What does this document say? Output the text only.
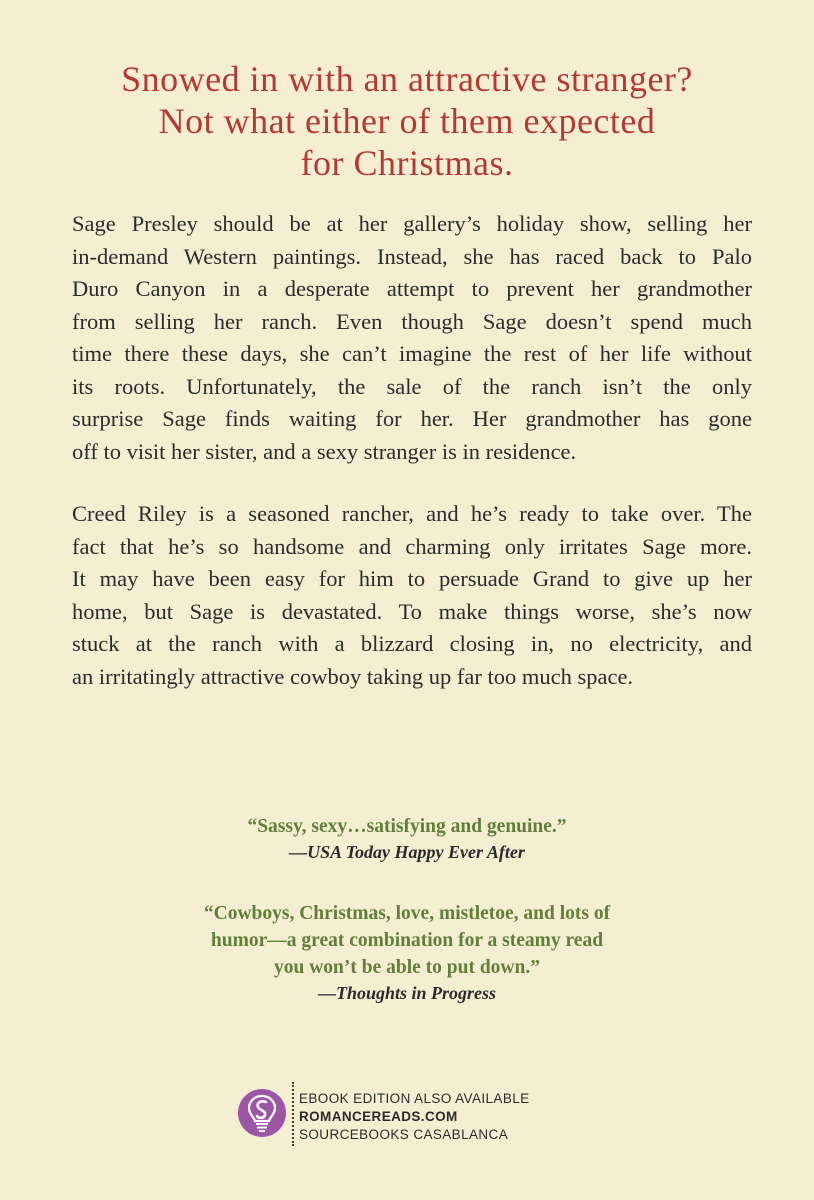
Snowed in with an attractive stranger?
Not what either of them expected
for Christmas.

Sage Presley should be at her gallery’s holiday show, selling her
in-demand Western paintings. Instead, she has raced back to Palo
Duro Canyon in a desperate attempt to prevent her grandmother
from selling her ranch. Even though Sage doesn’t spend much
time there these days, she can’t imagine the rest of her life without
its roots. Unfortunately, the sale of the ranch isn’t the only
surprise Sage finds waiting for her. Her grandmother has gone
off to visit her sister, and a sexy stranger is in residence.

Creed Riley is a seasoned rancher, and he’s ready to take over. The
fact that he’s so handsome and charming only irritates Sage more.
It may have been easy for him to persuade Grand to give up her
home, but Sage is devastated. To make things worse, she’s now
stuck at the ranch with a blizzard closing in, no electricity, and
an irritatingly attractive cowboy taking up far too much space.

“Sassy, sexy…satisfying and genuine.”
—USA Today Happy Ever After
“Cowboys, Christmas, love, mistletoe, and lots of
humor—a great combination for a steamy read
you won’t be able to put down.”
—Thoughts in Progress
EBOOK EDITION ALSO AVAILABLE
ROMANCEREADS.COM
SOURCEBOOKS CASABLANCA
